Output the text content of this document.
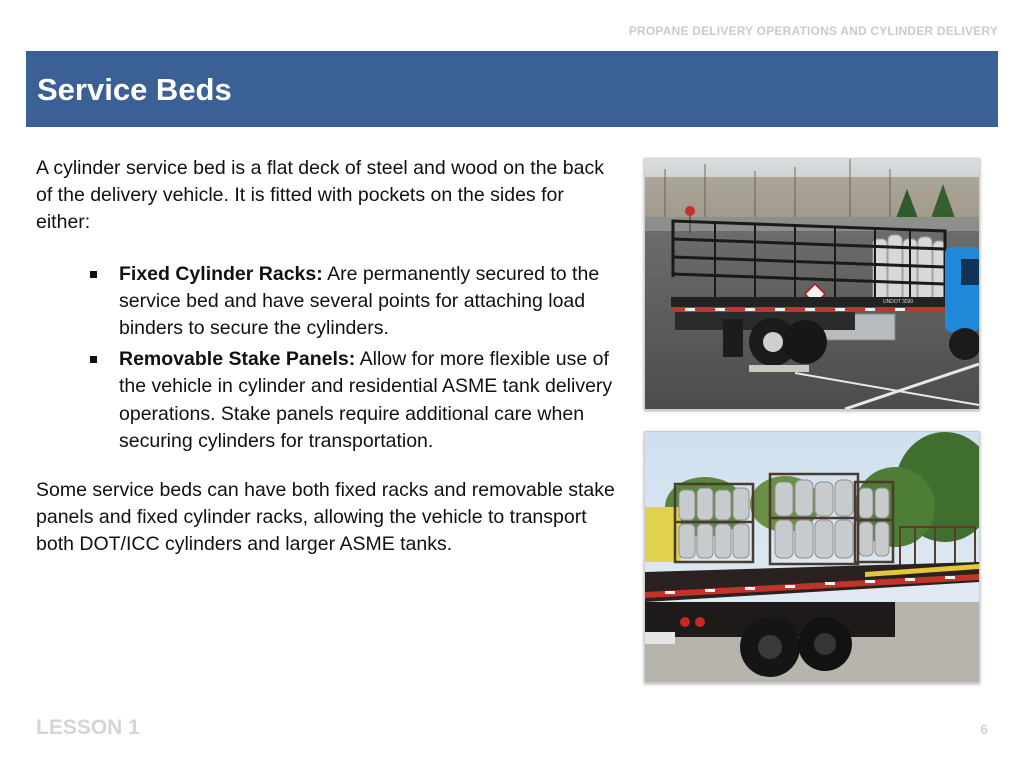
PROPANE DELIVERY OPERATIONS AND CYLINDER DELIVERY
Service Beds

A cylinder service bed is a flat deck of steel and wood on the back of the delivery vehicle. It is fitted with pockets on the sides for either:

Fixed Cylinder Racks: Are permanently secured to the service bed and have several points for attaching load binders to secure the cylinders.
Removable Stake Panels: Allow for more flexible use of the vehicle in cylinder and residential ASME tank delivery operations. Stake panels require additional care when securing cylinders for transportation.

Some service beds can have both fixed racks and removable stake panels and fixed cylinder racks, allowing the vehicle to transport both DOT/ICC cylinders and larger ASME tanks.

UNDOT 3030
LESSON 1	6
